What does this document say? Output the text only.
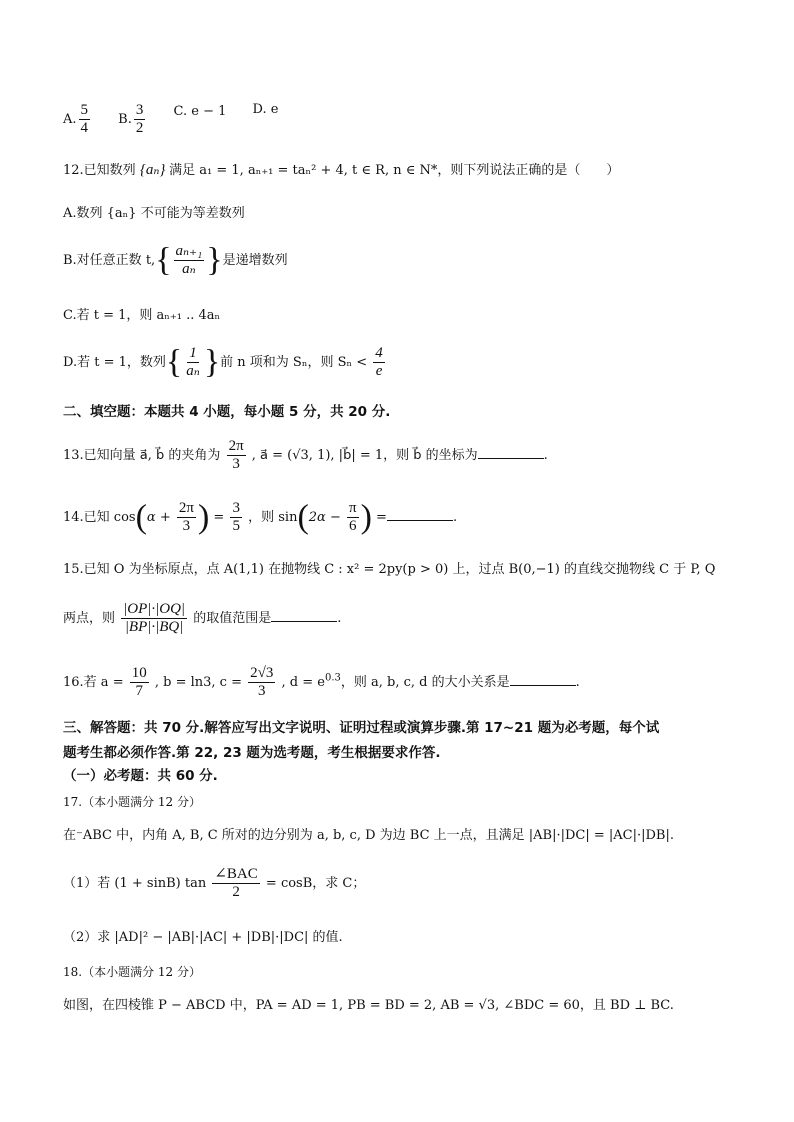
A. $\frac{5}{4} B$. $\frac{3}{2} C$. e − 1 D. e
12.已知数列 {aₙ} 满足 a₁ = 1, aₙ₊₁ = taₙ² + 4, t ∈ R, n ∈ N*，则下列说法正确的是（　　）
A.数列 {aₙ} 不可能为等差数列
B.对任意正数 $t,\{ \frac{\text{aₙ₊₁}}{\text{aₙ}}$ }是递增数列
C.若 t = 1，则 aₙ₊₁ .. 4aₙ
D.若 t = 1，数列{ $\frac{1}{\text{aₙ}}$ }前 n 项和为 Sₙ，则 $S_n < \frac{4}{e}$
二、填空题：本题共 4 小题，每小题 5 分，共 20 分.
13.已知向量 a⃗, b⃗ 的夹角为 $\frac{2\pi}{3}$ , a⃗ = (√3, 1), |b⃗| = 1，则 b⃗ 的坐标为	.
14.已知 $\cos(\alpha + \frac{2\pi}{3}$ ) = $\frac{3}{5}$ ，则 $\sin(2\alpha - \frac{\pi}{6}$ ) =	.
15.已知 O 为坐标原点，点 A(1,1) 在抛物线 C : x² = 2py(p > 0) 上，过点 B(0,−1) 的直线交抛物线 C 于 P, Q
两点，则 $\frac{|OP|\cdot|OQ|}{|BP|\cdot|BQ|}$ 的取值范围是	.
16.若 $a = \frac{10}{7}$ , b = ln3, $c = \frac{2√3}{3}$ , $d = e^{0.3}$，则 a, b, c, d 的大小关系是	.
三、解答题：共 70 分.解答应写出文字说明、证明过程或演算步骤.第 17~21 题为必考题，每个试
题考生都必须作答.第 22, 23 题为选考题，考生根据要求作答.
（一）必考题：共 60 分.
17.（本小题满分 12 分）
在⁻ABC 中，内角 A, B, C 所对的边分别为 a, b, c, D 为边 BC 上一点，且满足 |AB|·|DC| = |AC|·|DB|.
（1）若 (1 + sinB) $\tan \frac{\text{∠BAC}}{2} = \cos B$，求 C；
（2）求 |AD|² − |AB|·|AC| + |DB|·|DC| 的值.
18.（本小题满分 12 分）
如图，在四棱锥 P − ABCD 中，PA = AD = 1, PB = BD = 2, AB = √3, ∠BDC = 60，且 BD ⊥ BC.
